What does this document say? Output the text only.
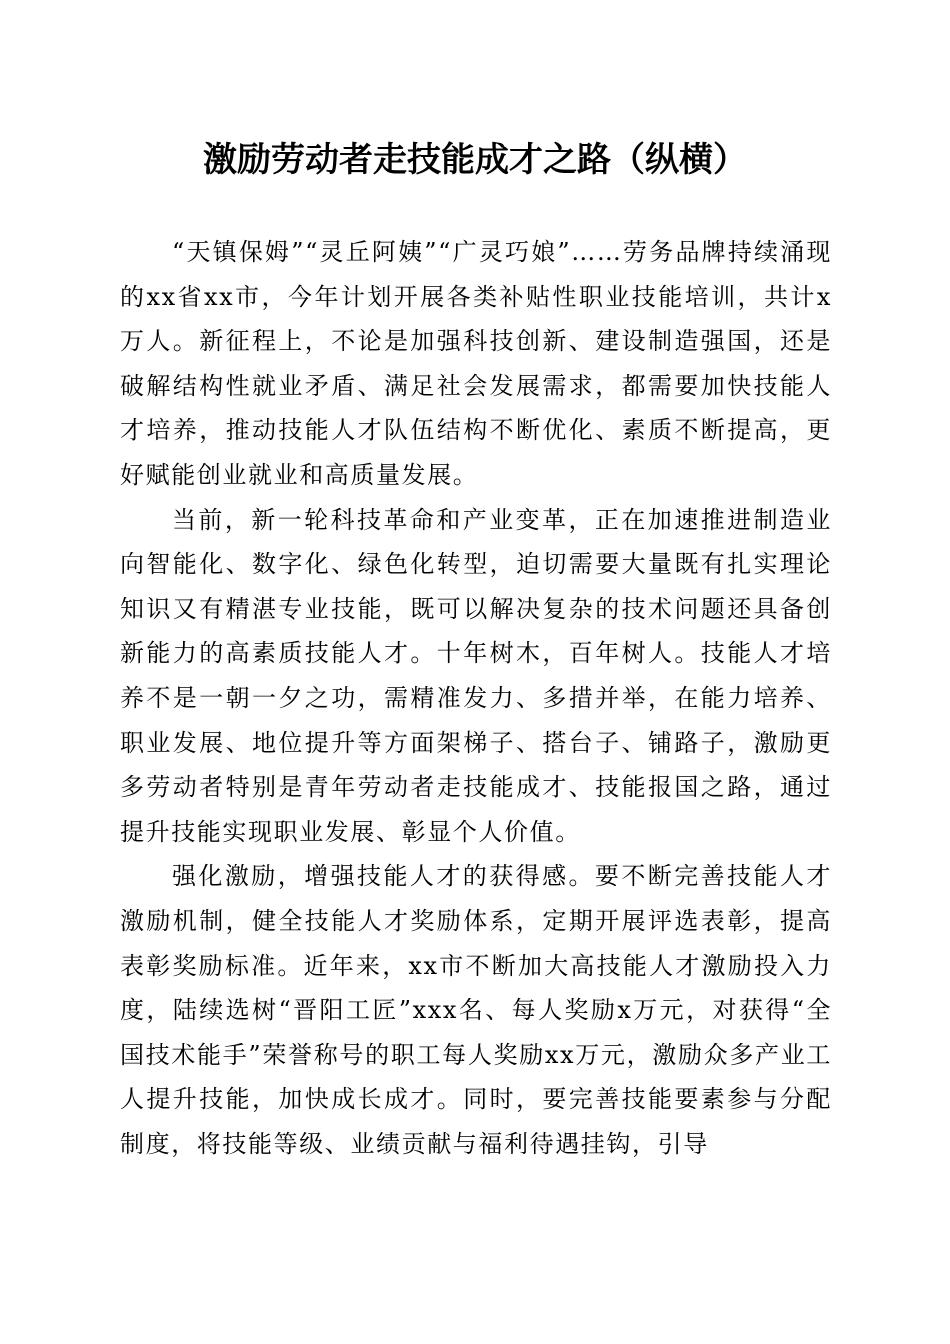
激励劳动者走技能成才之路（纵横）

“天镇保姆”“灵丘阿姨”“广灵巧娘”……劳务品牌持续涌现的xx省xx市，今年计划开展各类补贴性职业技能培训，共计x万人。新征程上，不论是加强科技创新、建设制造强国，还是破解结构性就业矛盾、满足社会发展需求，都需要加快技能人才培养，推动技能人才队伍结构不断优化、素质不断提高，更好赋能创业就业和高质量发展。

当前，新一轮科技革命和产业变革，正在加速推进制造业向智能化、数字化、绿色化转型，迫切需要大量既有扎实理论知识又有精湛专业技能，既可以解决复杂的技术问题还具备创新能力的高素质技能人才。十年树木，百年树人。技能人才培养不是一朝一夕之功，需精准发力、多措并举，在能力培养、职业发展、地位提升等方面架梯子、搭台子、铺路子，激励更多劳动者特别是青年劳动者走技能成才、技能报国之路，通过提升技能实现职业发展、彰显个人价值。

强化激励，增强技能人才的获得感。要不断完善技能人才激励机制，健全技能人才奖励体系，定期开展评选表彰，提高表彰奖励标准。近年来，xx市不断加大高技能人才激励投入力度，陆续选树“晋阳工匠”xxx名、每人奖励x万元，对获得“全国技术能手”荣誉称号的职工每人奖励xx万元，激励众多产业工人提升技能，加快成长成才。同时，要完善技能要素参与分配制度，将技能等级、业绩贡献与福利待遇挂钩，引导
